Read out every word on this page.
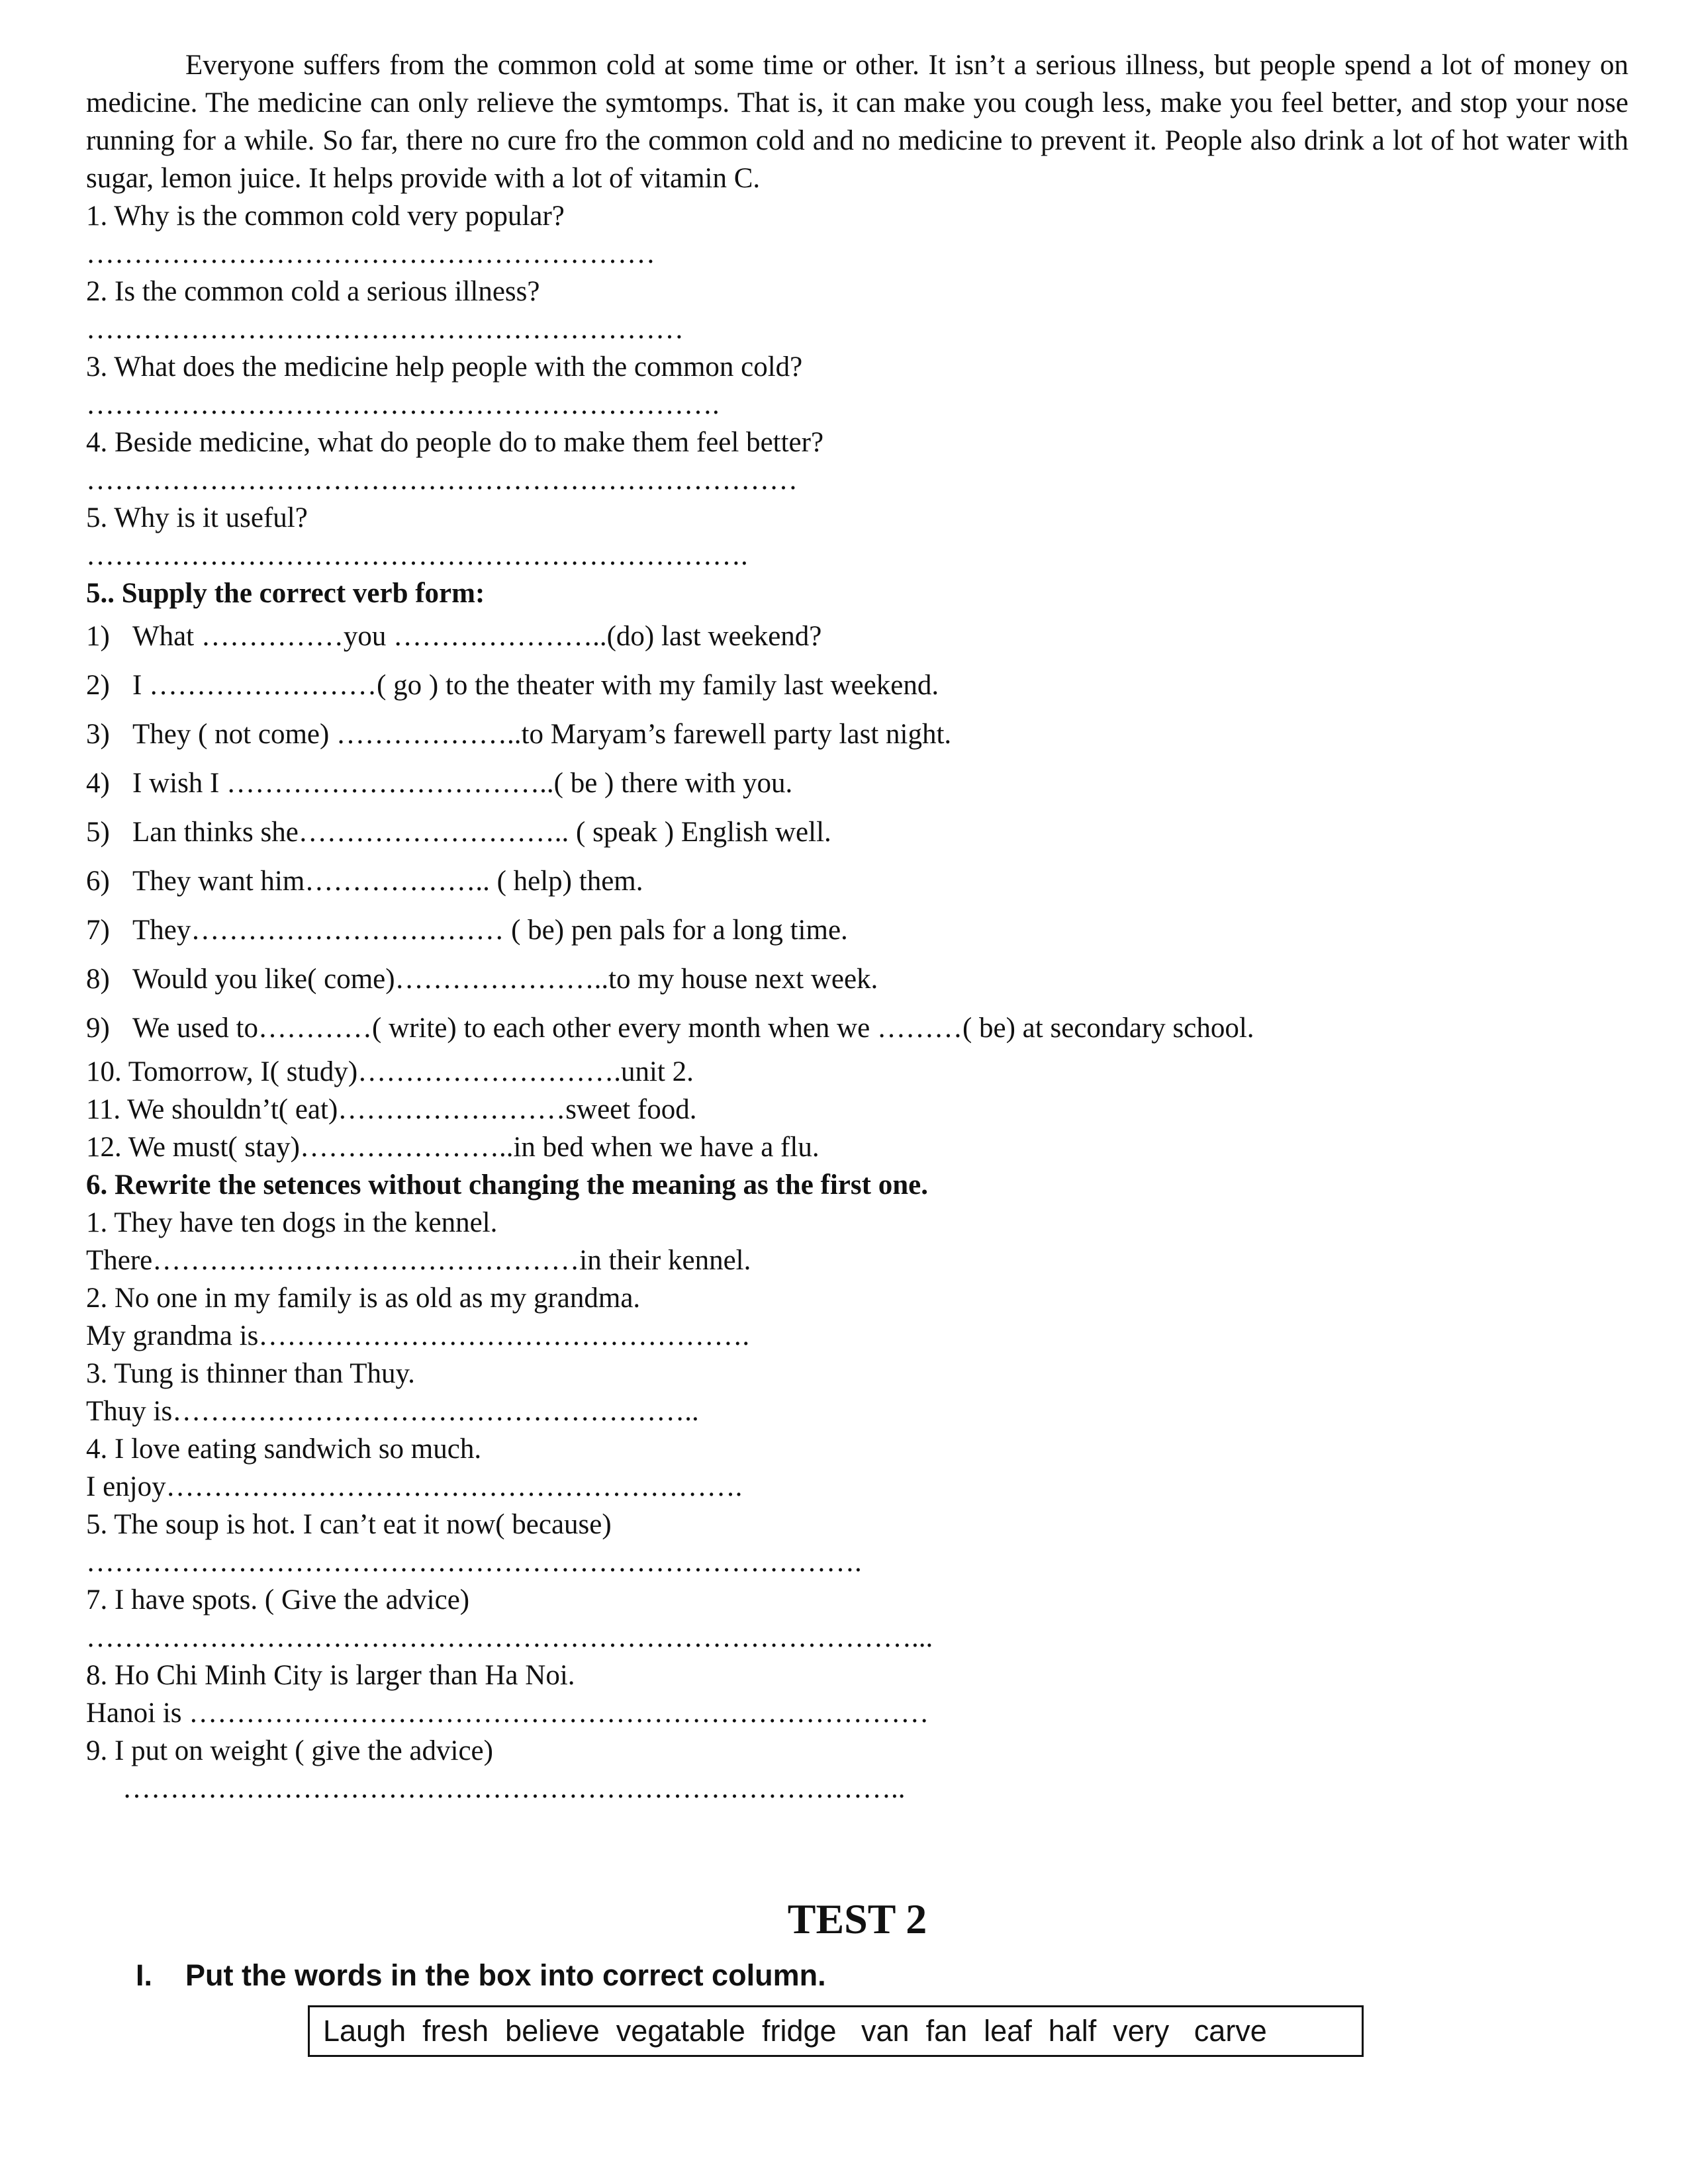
Everyone suffers from the common cold at some time or other. It isn’t a serious illness, but people spend a lot of money on medicine. The medicine can only relieve the symtomps. That is, it can make you cough less, make you feel better, and stop your nose running for a while. So far, there no cure fro the common cold and no medicine to prevent it. People also drink a lot of hot water with sugar, lemon juice. It helps provide with a lot of vitamin C.

1. Why is the common cold very popular?

……………………………………………………

2. Is the common cold a serious illness?

………………………………………………………

3. What does the medicine help people with the common cold?

………………………………………………………….

4. Beside medicine, what do people do to make them feel better?

…………………………………………………………………

5. Why is it useful?

…………………………………………………………….

5.. Supply the correct verb form:

1) What ……………you …………………..(do) last weekend?
2) I ……………………( go ) to the theater with my family last weekend.
3) They ( not come) ………………..to Maryam’s farewell party last night.
4) I wish I ……………………………..( be ) there with you.
5) Lan thinks she……………………….. ( speak ) English well.
6) They want him……………….. ( help) them.
7) They…………………………… ( be) pen pals for a long time.
8) Would you like( come)…………………..to my house next week.
9) We used to…………( write) to each other every month when we ………( be) at secondary school.
10. Tomorrow, I( study)……………………….unit 2.
11. We shouldn’t( eat)……………………sweet food.
12. We must( stay)…………………..in bed when we have a flu.

6. Rewrite the setences without changing the meaning as the first one.

1. They have ten dogs in the kennel.

There………………………………………in their kennel.

2. No one in my family is as old as my grandma.

My grandma is…………………………………………….

3. Tung is thinner than Thuy.

Thuy is………………………………………………..

4. I love eating sandwich so much.

I enjoy…………………………………………………….

5. The soup is hot. I can’t eat it now( because)

……………………………………………………………………….

7. I have spots. ( Give the advice)

……………………………………………………………………………...

8. Ho Chi Minh City is larger than Ha Noi.

Hanoi is ……………………………………………………………………

9. I put on weight ( give the advice)

………………………………………………………………………..

TEST 2
I. Put the words in the box into correct column.
Laugh  fresh  believe  vegatable  fridge   van  fan  leaf  half  very   carve
